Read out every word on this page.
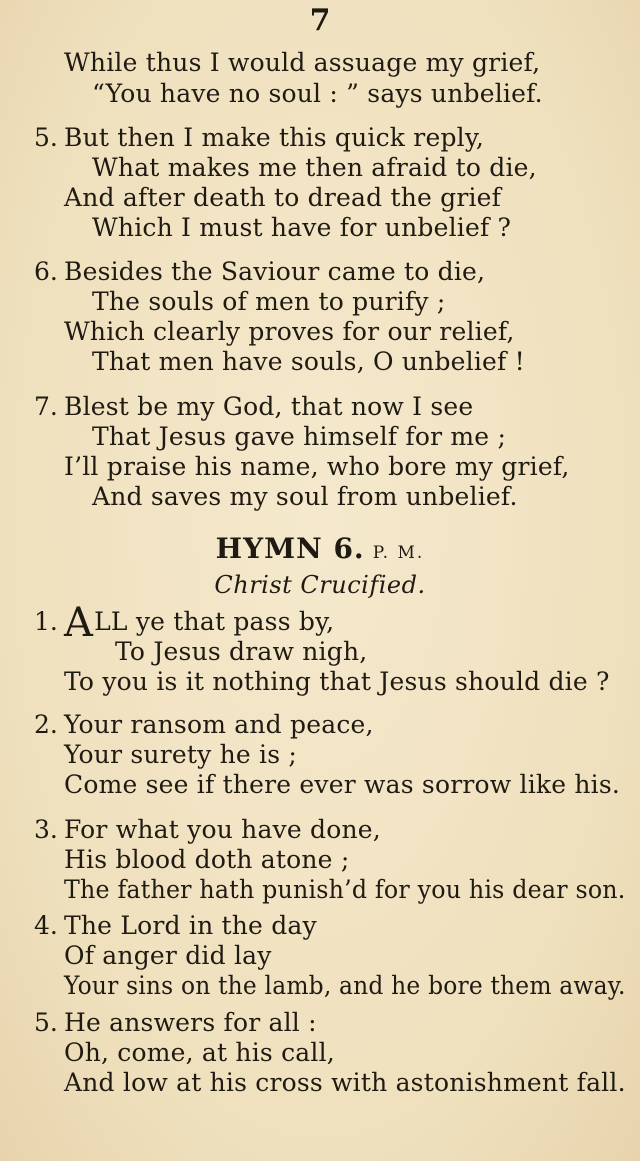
7
While thus I would assuage my grief,
“You have no soul : ” says unbelief.
5. But then I make this quick reply,
What makes me then afraid to die,
And after death to dread the grief
Which I must have for unbelief ?
6. Besides the Saviour came to die,
The souls of men to purify ;
Which clearly proves for our relief,
That men have souls, O unbelief !
7. Blest be my God, that now I see
That Jesus gave himself for me ;
I’ll praise his name, who bore my grief,
And saves my soul from unbelief.
HYMN 6. P. M.
Christ Crucified.
1. ALL ye that pass by,
To Jesus draw nigh,
To you is it nothing that Jesus should die ?
2. Your ransom and peace,
Your surety he is ;
Come see if there ever was sorrow like his.
3. For what you have done,
His blood doth atone ;
The father hath punish’d for you his dear son.
4. The Lord in the day
Of anger did lay
Your sins on the lamb, and he bore them away.
5. He answers for all :
Oh, come, at his call,
And low at his cross with astonishment fall.
